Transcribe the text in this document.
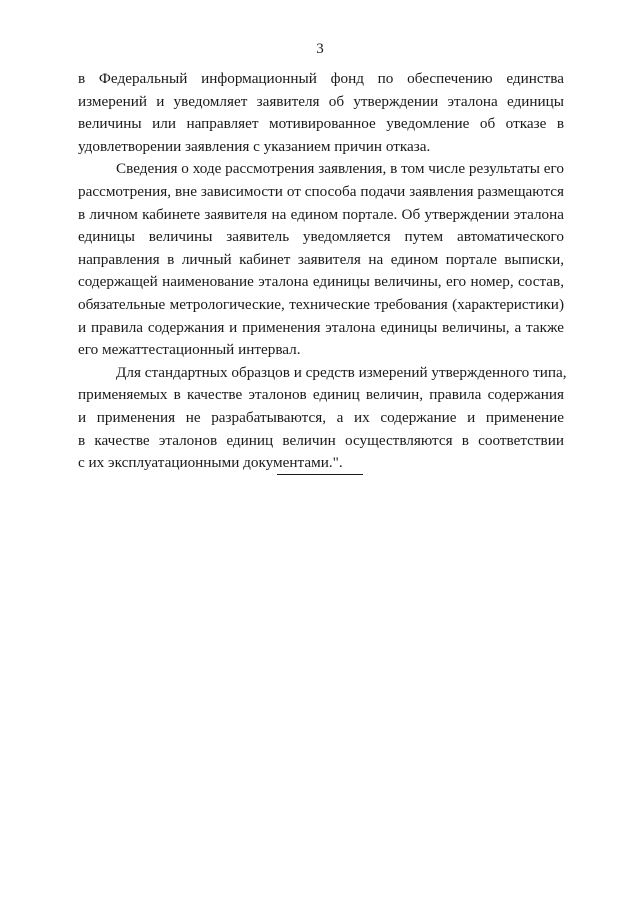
3

в Федеральный информационный фонд по обеспечению единства
измерений и уведомляет заявителя об утверждении эталона единицы
величины или направляет мотивированное уведомление об отказе в
удовлетворении заявления с указанием причин отказа.

Сведения о ходе рассмотрения заявления, в том числе результаты его
рассмотрения, вне зависимости от способа подачи заявления размещаются
в личном кабинете заявителя на едином портале. Об утверждении эталона
единицы величины заявитель уведомляется путем автоматического
направления в личный кабинет заявителя на едином портале выписки,
содержащей наименование эталона единицы величины, его номер, состав,
обязательные метрологические, технические требования (характеристики)
и правила содержания и применения эталона единицы величины, а также
его межаттестационный интервал.

Для стандартных образцов и средств измерений утвержденного типа,
применяемых в качестве эталонов единиц величин, правила содержания
и применения не разрабатываются, а их содержание и применение
в качестве эталонов единиц величин осуществляются в соответствии
с их эксплуатационными документами.".
